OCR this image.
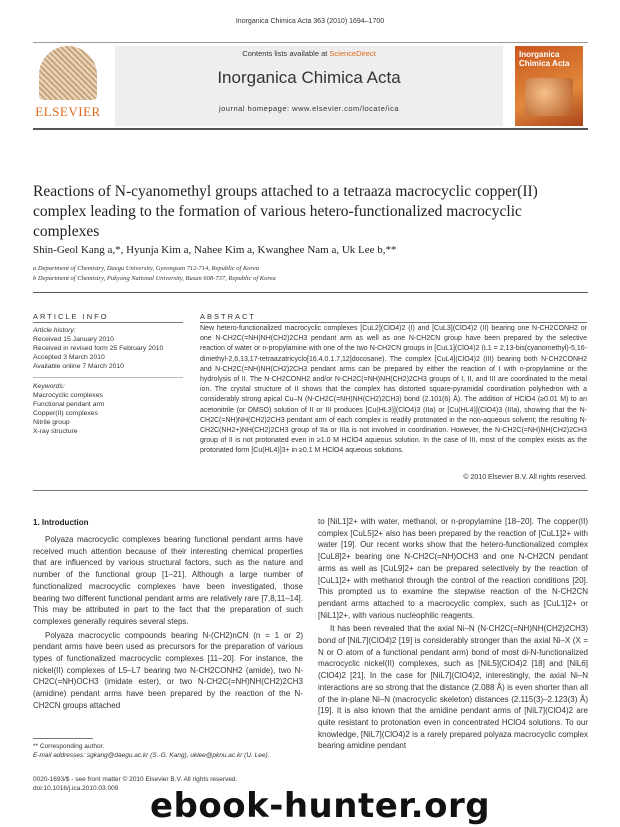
Inorganica Chimica Acta 363 (2010) 1694–1700
ELSEVIER
Contents lists available at ScienceDirect
Inorganica Chimica Acta
journal homepage: www.elsevier.com/locate/ica
Inorganica Chimica Acta
Reactions of N-cyanomethyl groups attached to a tetraaza macrocyclic copper(II) complex leading to the formation of various hetero-functionalized macrocyclic complexes
Shin-Geol Kang a,*, Hyunja Kim a, Nahee Kim a, Kwanghee Nam a, Uk Lee b,**
a Department of Chemistry, Daegu University, Gyeongsan 712-714, Republic of Korea
b Department of Chemistry, Pukyong National University, Busan 608-737, Republic of Korea
ARTICLE INFO	ABSTRACT
Article history:
Received 15 January 2010
Received in revised form 25 February 2010
Accepted 3 March 2010
Available online 7 March 2010
Keywords:
Macrocyclic complexes
Functional pendant arm
Copper(II) complexes
Nitrile group
X-ray structure
New hetero-functionalized macrocyclic complexes [CuL2](ClO4)2 (I) and [CuL3](ClO4)2 (II) bearing one N-CH2CONH2 or one N-CH2C(=NH)NH(CH2)2CH3 pendant arm as well as one N-CH2CN group have been prepared by the selective reaction of water or n-propylamine with one of the two N-CH2CN groups in [CuL1](ClO4)2 (L1 = 2,13-bis(cyanomethyl)-5,16-dimethyl-2,6,13,17-tetraazatricyclo[16.4.0.1.7,12]docosane). The complex [CuL4](ClO4)2 (III) bearing both N-CH2CONH2 and N-CH2C(=NH)NH(CH2)2CH3 pendant arms can be prepared by either the reaction of I with n-propylamine or the hydrolysis of II. The N-CH2CONH2 and/or N-CH2C(=NH)NH(CH2)2CH3 groups of I, II, and III are coordinated to the metal ion. The crystal structure of II shows that the complex has distorted square-pyramidal coordination polyhedron with a considerably strong apical Cu–N (N-CH2C(=NH)NH(CH2)2CH3) bond (2.101(6) Å). The addition of HClO4 (≥0.01 M) to an acetonitrile (or DMSO) solution of II or III produces [Cu(HL3)](ClO4)3 (IIa) or [Cu(HL4)](ClO4)3 (IIIa), showing that the N-CH2C(=NH)NH(CH2)2CH3 pendant arm of each complex is readily protonated in the non-aqueous solvent; the resulting N-CH2C(NH2+)NH(CH2)2CH3 group of IIa or IIIa is not involved in coordination. However, the N-CH2C(=NH)NH(CH2)2CH3 group of II is not protonated even in ≥1.0 M HClO4 aqueous solution. In the case of III, most of the complex exists as the protonated form [Cu(HL4)]3+ in ≥0.1 M HClO4 aqueous solutions.
© 2010 Elsevier B.V. All rights reserved.
1. Introduction

Polyaza macrocyclic complexes bearing functional pendant arms have received much attention because of their interesting chemical properties that are influenced by various structural factors, such as the nature and number of the functional group [1–21]. Although a large number of functionalized macrocyclic complexes have been investigated, those bearing two different functional pendant arms are relatively rare [7,8,11–14]. This may be attributed in part to the fact that the preparation of such complexes generally requires several steps.

Polyaza macrocyclic compounds bearing N-(CH2)nCN (n = 1 or 2) pendant arms have been used as precursors for the preparation of various types of functionalized macrocyclic complexes [11–20]. For instance, the nickel(II) complexes of L5–L7 bearing two N-CH2CONH2 (amide), two N-CH2C(=NH)OCH3 (imidate ester), or two N-CH2C(=NH)NH(CH2)2CH3 (amidine) pendant arms have been prepared by the reaction of the N-CH2CN groups attached

to [NiL1]2+ with water, methanol, or n-propylamine [18–20]. The copper(II) complex [CuL5]2+ also has been prepared by the reaction of [CuL1]2+ with water [19]. Our recent works show that the hetero-functionalized complex [CuL8]2+ bearing one N-CH2C(=NH)OCH3 and one N-CH2CN pendant arms as well as [CuL9]2+ can be prepared selectively by the reaction of [CuL1]2+ with methanol through the control of the reaction conditions [20]. This prompted us to examine the stepwise reaction of the N-CH2CN pendant arms attached to a macrocyclic complex, such as [CuL1]2+ or [NiL1]2+, with various nucleophilic reagents.

It has been revealed that the axial Ni–N (N-CH2C(=NH)NH(CH2)2CH3) bond of [NiL7](ClO4)2 [19] is considerably stronger than the axial Ni–X (X = N or O atom of a functional pendant arm) bond of most di-N-functionalized macrocyclic nickel(II) complexes, such as [NiL5](ClO4)2 [18] and [NiL6](ClO4)2 [21]. In the case for [NiL7](ClO4)2, interestingly, the axial Ni–N interactions are so strong that the distance (2.088 Å) is even shorter than all of the in-plane Ni–N (macrocyclic skeleton) distances (2.115(3)–2.123(3) Å) [19]. It is also known that the amidine pendant arms of [NiL7](ClO4)2 are quite resistant to protonation even in concentrated HClO4 solutions. To our knowledge, [NiL7](ClO4)2 is a rarely prepared polyaza macrocyclic complex bearing amidine pendant

** Corresponding author.
E-mail addresses: sgkang@daegu.ac.kr (S.-G. Kang), uklee@pknu.ac.kr (U. Lee).
0020-1693/$ - see front matter © 2010 Elsevier B.V. All rights reserved.
doi:10.1016/j.ica.2010.03.009 ebook-hunter.org
